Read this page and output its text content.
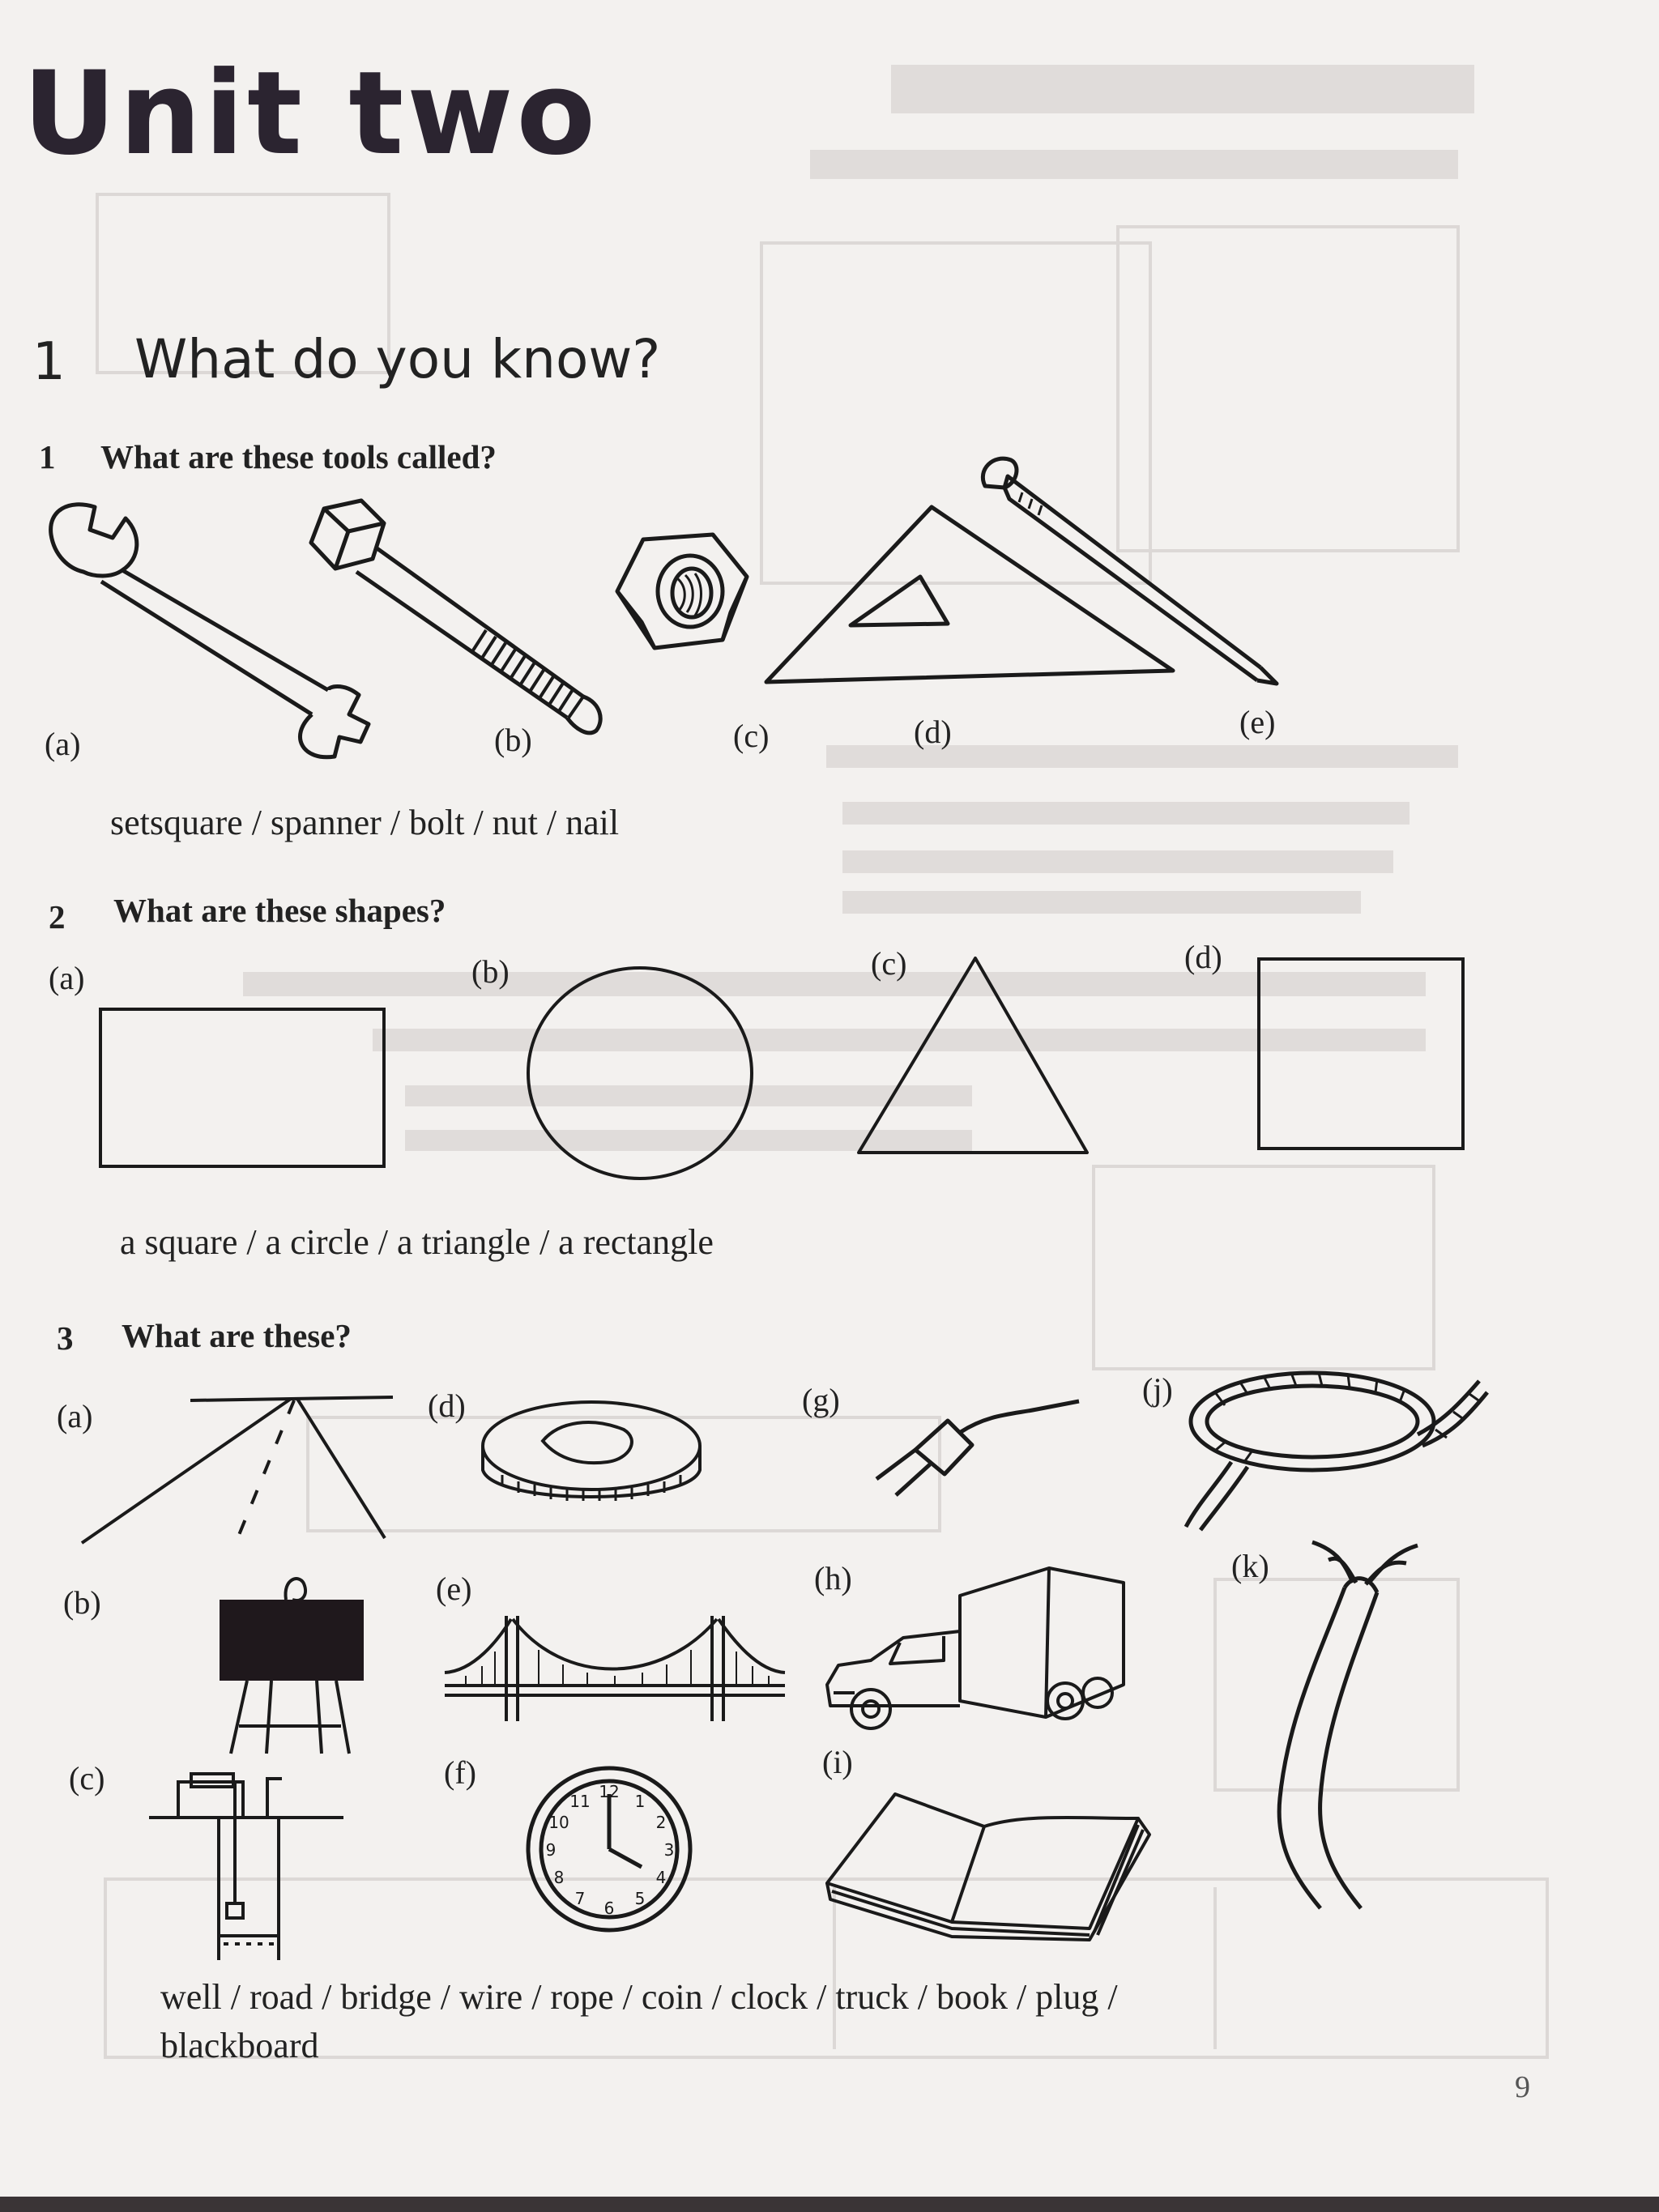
Unit two
1 What do you know?
1 What are these tools called?
(a)	(b)	(c)	(d)	(e)
setsquare / spanner / bolt / nut / nail
2 What are these shapes?
(a)	(b)	(c)	(d)
a square / a circle / a triangle / a rectangle
3 What are these?
(a)
(b)
(c)
(d)
(e)
(f)
(g)
(h)
(i)
(j)
(k)
12 1
2
3
4
5
6
7
8
9
10
11
well / road / bridge / wire / rope / coin / clock / truck / book / plug /
blackboard
9
